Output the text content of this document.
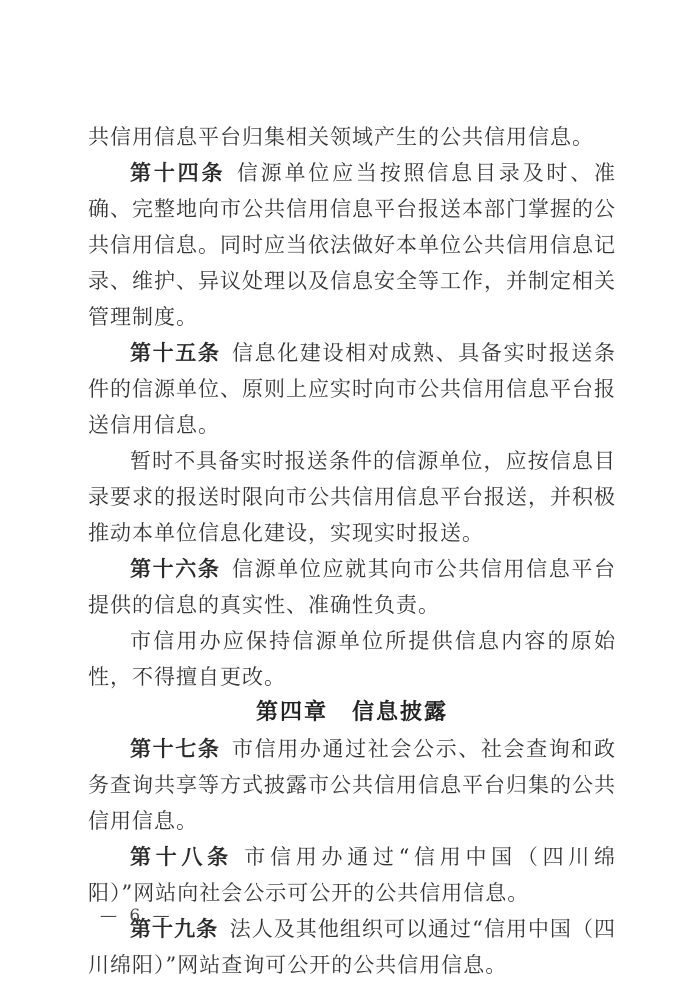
共信用信息平台归集相关领域产生的公共信用信息。

第十四条 信源单位应当按照信息目录及时、准确、完整地向市公共信用信息平台报送本部门掌握的公共信用信息。同时应当依法做好本单位公共信用信息记录、维护、异议处理以及信息安全等工作，并制定相关管理制度。

第十五条 信息化建设相对成熟、具备实时报送条件的信源单位、原则上应实时向市公共信用信息平台报送信用信息。

暂时不具备实时报送条件的信源单位，应按信息目录要求的报送时限向市公共信用信息平台报送，并积极推动本单位信息化建设，实现实时报送。

第十六条 信源单位应就其向市公共信用信息平台提供的信息的真实性、准确性负责。

市信用办应保持信源单位所提供信息内容的原始性，不得擅自更改。

第四章　信息披露

第十七条 市信用办通过社会公示、社会查询和政务查询共享等方式披露市公共信用信息平台归集的公共信用信息。

第十八条 市信用办通过“信用中国（四川绵阳）”网站向社会公示可公开的公共信用信息。

第十九条 法人及其他组织可以通过“信用中国（四川绵阳）”网站查询可公开的公共信用信息。

— 6 —
